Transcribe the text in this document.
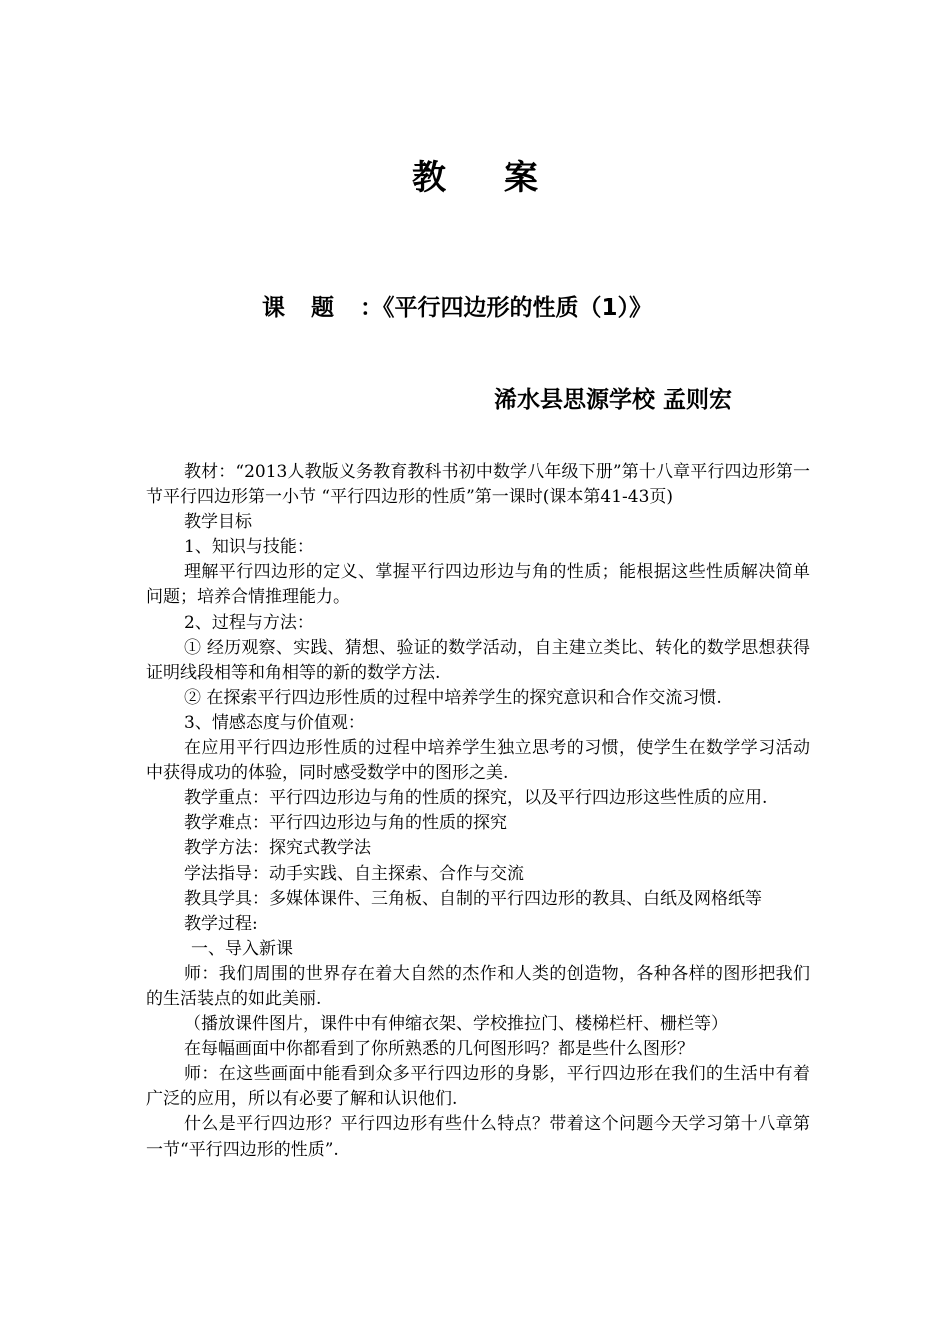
教案
课题：《平行四边形的性质（1）》
浠水县思源学校 孟则宏

教材：“2013人教版义务教育教科书初中数学八年级下册”第十八章平行四边形第一节平行四边形第一小节 “平行四边形的性质”第一课时(课本第41-43页)

教学目标

1、知识与技能：

理解平行四边形的定义、掌握平行四边形边与角的性质；能根据这些性质解决简单问题；培养合情推理能力。

2、过程与方法：

① 经历观察、实践、猜想、验证的数学活动，自主建立类比、转化的数学思想获得证明线段相等和角相等的新的数学方法.

② 在探索平行四边形性质的过程中培养学生的探究意识和合作交流习惯.

3、情感态度与价值观：

在应用平行四边形性质的过程中培养学生独立思考的习惯，使学生在数学学习活动中获得成功的体验，同时感受数学中的图形之美.

教学重点：平行四边形边与角的性质的探究，以及平行四边形这些性质的应用.

教学难点：平行四边形边与角的性质的探究

教学方法：探究式教学法

学法指导：动手实践、自主探索、合作与交流

教具学具：多媒体课件、三角板、自制的平行四边形的教具、白纸及网格纸等

教学过程:

一、导入新课

师：我们周围的世界存在着大自然的杰作和人类的创造物，各种各样的图形把我们的生活装点的如此美丽.

（播放课件图片，课件中有伸缩衣架、学校推拉门、楼梯栏杆、栅栏等）

在每幅画面中你都看到了你所熟悉的几何图形吗？都是些什么图形？

师：在这些画面中能看到众多平行四边形的身影，平行四边形在我们的生活中有着广泛的应用，所以有必要了解和认识他们.

什么是平行四边形？平行四边形有些什么特点？带着这个问题今天学习第十八章第一节“平行四边形的性质”.
